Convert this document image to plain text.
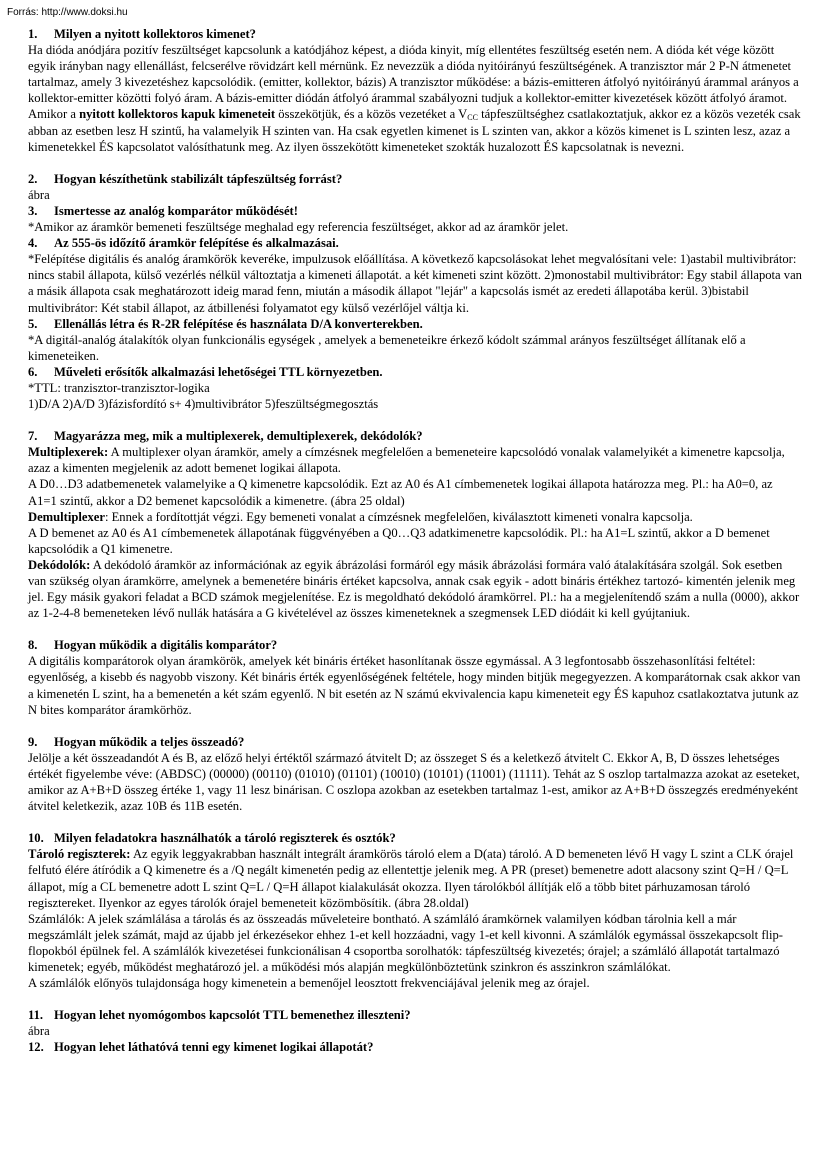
Forrás: http://www.doksi.hu

1. Milyen a nyitott kollektoros kimenet?

Ha dióda anódjára pozitív feszültséget kapcsolunk a katódjához képest, a dióda kinyit, míg ellentétes feszültség esetén nem. A dióda két vége között egyik irányban nagy ellenállást, felcserélve rövidzárt kell mérnünk. Ez nevezzük a dióda nyitóirányú feszültségének. A tranzisztor már 2 P-N átmenetet tartalmaz, amely 3 kivezetéshez kapcsolódik. (emitter, kollektor, bázis) A tranzisztor működése: a bázis-emitteren átfolyó nyitóirányú árammal arányos a kollektor-emitter közötti folyó áram. A bázis-emitter diódán átfolyó árammal szabályozni tudjuk a kollektor-emitter kivezetések között átfolyó áramot.

Amikor a nyitott kollektoros kapuk kimeneteit összekötjük, és a közös vezetéket a $V_{CC}$ tápfeszültséghez csatlakoztatjuk, akkor ez a közös vezeték csak abban az esetben lesz H szintű, ha valamelyik H szinten van. Ha csak egyetlen kimenet is L szinten van, akkor a közös kimenet is L szinten lesz, azaz a kimenetekkel ÉS kapcsolatot valósíthatunk meg. Az ilyen összekötött kimeneteket szokták huzalozott ÉS kapcsolatnak is nevezni.

2. Hogyan készíthetünk stabilizált tápfeszültség forrást?

ábra

3. Ismertesse az analóg komparátor működését!

*Amikor az áramkör bemeneti feszültsége meghalad egy referencia feszültséget, akkor ad az áramkör jelet.

4. Az 555-ös időzítő áramkör felépítése és alkalmazásai.

*Felépítése digitális és analóg áramkörök keveréke, impulzusok előállítása. A következő kapcsolásokat lehet megvalósítani vele: 1)astabil multivibrátor: nincs stabil állapota, külső vezérlés nélkül változtatja a kimeneti állapotát. a két kimeneti szint között. 2)monostabil multivibrátor: Egy stabil állapota van a másik állapota csak meghatározott ideig marad fenn, miután a második állapot "lejár" a kapcsolás ismét az eredeti állapotába kerül. 3)bistabil multivibrátor: Két stabil állapot, az átbillenési folyamatot egy külső vezérlőjel váltja ki.

5. Ellenállás létra és R-2R felépítése és használata D/A konverterekben.

*A digitál-analóg átalakítók olyan funkcionális egységek , amelyek a bemeneteikre érkező kódolt számmal arányos feszültséget állítanak elő a kimeneteiken.

6. Műveleti erősítők alkalmazási lehetőségei TTL környezetben.

*TTL: tranzisztor-tranzisztor-logika

1)D/A 2)A/D 3)fázisfordító s+ 4)multivibrátor 5)feszültségmegosztás

7. Magyarázza meg, mik a multiplexerek, demultiplexerek, dekódolók?

Multiplexerek: A multiplexer olyan áramkör, amely a címzésnek megfelelően a bemeneteire kapcsolódó vonalak valamelyikét a kimenetre kapcsolja, azaz a kimenten megjelenik az adott bemenet logikai állapota.

A D0…D3 adatbemenetek valamelyike a Q kimenetre kapcsolódik. Ezt az A0 és A1 címbemenetek logikai állapota határozza meg. Pl.: ha A0=0, az A1=1 szintű, akkor a D2 bemenet kapcsolódik a kimenetre. (ábra 25 oldal)

Demultiplexer: Ennek a fordítottját végzi. Egy bemeneti vonalat a címzésnek megfelelően, kiválasztott kimeneti vonalra kapcsolja.

A D bemenet az A0 és A1 címbemenetek állapotának függvényében a Q0…Q3 adatkimenetre kapcsolódik. Pl.: ha A1=L szintű, akkor a D bemenet kapcsolódik a Q1 kimenetre.

Dekódolók: A dekódoló áramkör az információnak az egyik ábrázolási formáról egy másik ábrázolási formára való átalakítására szolgál. Sok esetben van szükség olyan áramkörre, amelynek a bemenetére bináris értéket kapcsolva, annak csak egyik - adott bináris értékhez tartozó- kimentén jelenik meg jel. Egy másik gyakori feladat a BCD számok megjelenítése. Ez is megoldható dekódoló áramkörrel. Pl.: ha a megjelenítendő szám a nulla (0000), akkor az 1-2-4-8 bemeneteken lévő nullák hatására a G kivételével az összes kimeneteknek a szegmensek LED diódáit ki kell gyújtaniuk.

8. Hogyan működik a digitális komparátor?

A digitális komparátorok olyan áramkörök, amelyek két bináris értéket hasonlítanak össze egymással. A 3 legfontosabb összehasonlítási feltétel: egyenlőség, a kisebb és nagyobb viszony. Két bináris érték egyenlőségének feltétele, hogy minden bitjük megegyezzen. A komparátornak csak akkor van a kimenetén L szint, ha a bemenetén a két szám egyenlő. N bit esetén az N számú ekvivalencia kapu kimeneteit egy ÉS kapuhoz csatlakoztatva jutunk az N bites komparátor áramkörhöz.

9. Hogyan működik a teljes összeadó?

Jelölje a két összeadandót A és B, az előző helyi értéktől származó átvitelt D; az összeget S és a keletkező átvitelt C. Ekkor A, B, D összes lehetséges értékét figyelembe véve: (ABDSC) (00000) (00110) (01010) (01101) (10010) (10101) (11001) (11111). Tehát az S oszlop tartalmazza azokat az eseteket, amikor az A+B+D összeg értéke 1, vagy 11 lesz binárisan. C oszlopa azokban az esetekben tartalmaz 1-est, amikor az A+B+D összegzés eredményeként átvitel keletkezik, azaz 10B és 11B esetén.

10. Milyen feladatokra használhatók a tároló regiszterek és osztók?

Tároló regiszterek: Az egyik leggyakrabban használt integrált áramkörös tároló elem a D(ata) tároló. A D bemeneten lévő H vagy L szint a CLK órajel felfutó élére átíródik a Q kimenetre és a /Q negált kimenetén pedig az ellentettje jelenik meg. A PR (preset) bemenetre adott alacsony szint Q=H / Q=L állapot, míg a CL bemenetre adott L szint Q=L / Q=H állapot kialakulását okozza. Ilyen tárolókból állítják elő a több bitet párhuzamosan tároló regisztereket. Ilyenkor az egyes tárolók órajel bemeneteit közömbösítik. (ábra 28.oldal)

Számlálók: A jelek számlálása a tárolás és az összeadás műveleteire bontható. A számláló áramkörnek valamilyen kódban tárolnia kell a már megszámlált jelek számát, majd az újabb jel érkezésekor ehhez 1-et kell hozzáadni, vagy 1-et kell kivonni. A számlálók egymással összekapcsolt flip-flopokból épülnek fel. A számlálók kivezetései funkcionálisan 4 csoportba sorolhatók: tápfeszültség kivezetés; órajel; a számláló állapotát tartalmazó kimenetek; egyéb, működést meghatározó jel. a működési mós alapján megkülönböztetünk szinkron és asszinkron számlálókat.

A számlálók előnyös tulajdonsága hogy kimenetein a bemenőjel leosztott frekvenciájával jelenik meg az órajel.

11. Hogyan lehet nyomógombos kapcsolót TTL bemenethez illeszteni?

ábra

12. Hogyan lehet láthatóvá tenni egy kimenet logikai állapotát?
